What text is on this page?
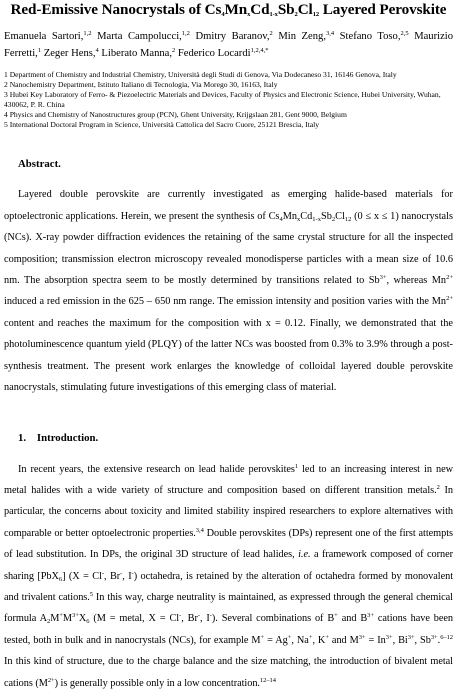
Red-Emissive Nanocrystals of $Cs_4Mn_xCd_{1-x}Sb_2Cl_{12}$ Layered Perovskite
Emanuela Sartori,$^{1,2}$ Marta Campolucci,$^{1,2}$ Dmitry Baranov,$^2$ Min Zeng,$^{3,4}$ Stefano Toso,$^{2,5}$ Maurizio Ferretti,$^1$ Zeger Hens,$^4$ Liberato Manna,$^2$ Federico Locardi$^{1,2,4,*}$
1 Department of Chemistry and Industrial Chemistry, Università degli Studi di Genova, Via Dodecaneso 31, 16146 Genova, Italy
2 Nanochemistry Department, Istituto Italiano di Tecnologia, Via Morego 30, 16163, Italy
3 Hubei Key Laboratory of Ferro- & Piezoelectric Materials and Devices, Faculty of Physics and Electronic Science, Hubei University, Wuhan, 430062, P. R. China
4 Physics and Chemistry of Nanostructures group (PCN), Ghent University, Krijgslaan 281, Gent 9000, Belgium
5 International Doctoral Program in Science, Università Cattolica del Sacro Cuore, 25121 Brescia, Italy
Abstract.

Layered double perovskite are currently investigated as emerging halide-based materials for optoelectronic applications. Herein, we present the synthesis of $Cs_4Mn_xCd_{1-x}Sb_2Cl_{12}$ (0 ≤ x ≤ 1) nanocrystals (NCs). X-ray powder diffraction evidences the retaining of the same crystal structure for all the inspected composition; transmission electron microscopy revealed monodisperse particles with a mean size of 10.6 nm. The absorption spectra seem to be mostly determined by transitions related to $Sb^{3+}$, whereas $Mn^{2+}$ induced a red emission in the 625 – 650 nm range. The emission intensity and position varies with the $Mn^{2+}$ content and reaches the maximum for the composition with x = 0.12. Finally, we demonstrated that the photoluminescence quantum yield (PLQY) of the latter NCs was boosted from 0.3% to 3.9% through a post-synthesis treatment. The present work enlarges the knowledge of colloidal layered double perovskite nanocrystals, stimulating future investigations of this emerging class of material.

1.    Introduction.

In recent years, the extensive research on lead halide perovskites$^1$ led to an increasing interest in new metal halides with a wide variety of structure and composition based on different transition metals.$^2$ In particular, the concerns about toxicity and limited stability inspired researchers to explore alternatives with comparable or better optoelectronic properties.$^{3,4}$ Double perovskites (DPs) represent one of the first attempts of lead substitution. In DPs, the original 3D structure of lead halides, i.e. a framework composed of corner sharing [PbX$_6$] (X = Cl-, Br-, I-) octahedra, is retained by the alteration of octahedra formed by monovalent and trivalent cations.$^5$ In this way, charge neutrality is maintained, as expressed through the general chemical formula $A_2M^+M^{3+}X_6$ (M = metal, X = Cl-, Br-, I-). Several combinations of B+ and $B^{3+}$ cations have been tested, both in bulk and in nanocrystals (NCs), for example M+ = Ag+, Na+, K+ and $M^{3+} = In^{3+}$, $Bi^{3+}$, $Sb^{3+}.^{6-12}$ In this kind of structure, due to the charge balance and the size matching, the introduction of bivalent metal cations $(M^{2+})$ is generally possible only in a low concentration.$^{12-14}$
